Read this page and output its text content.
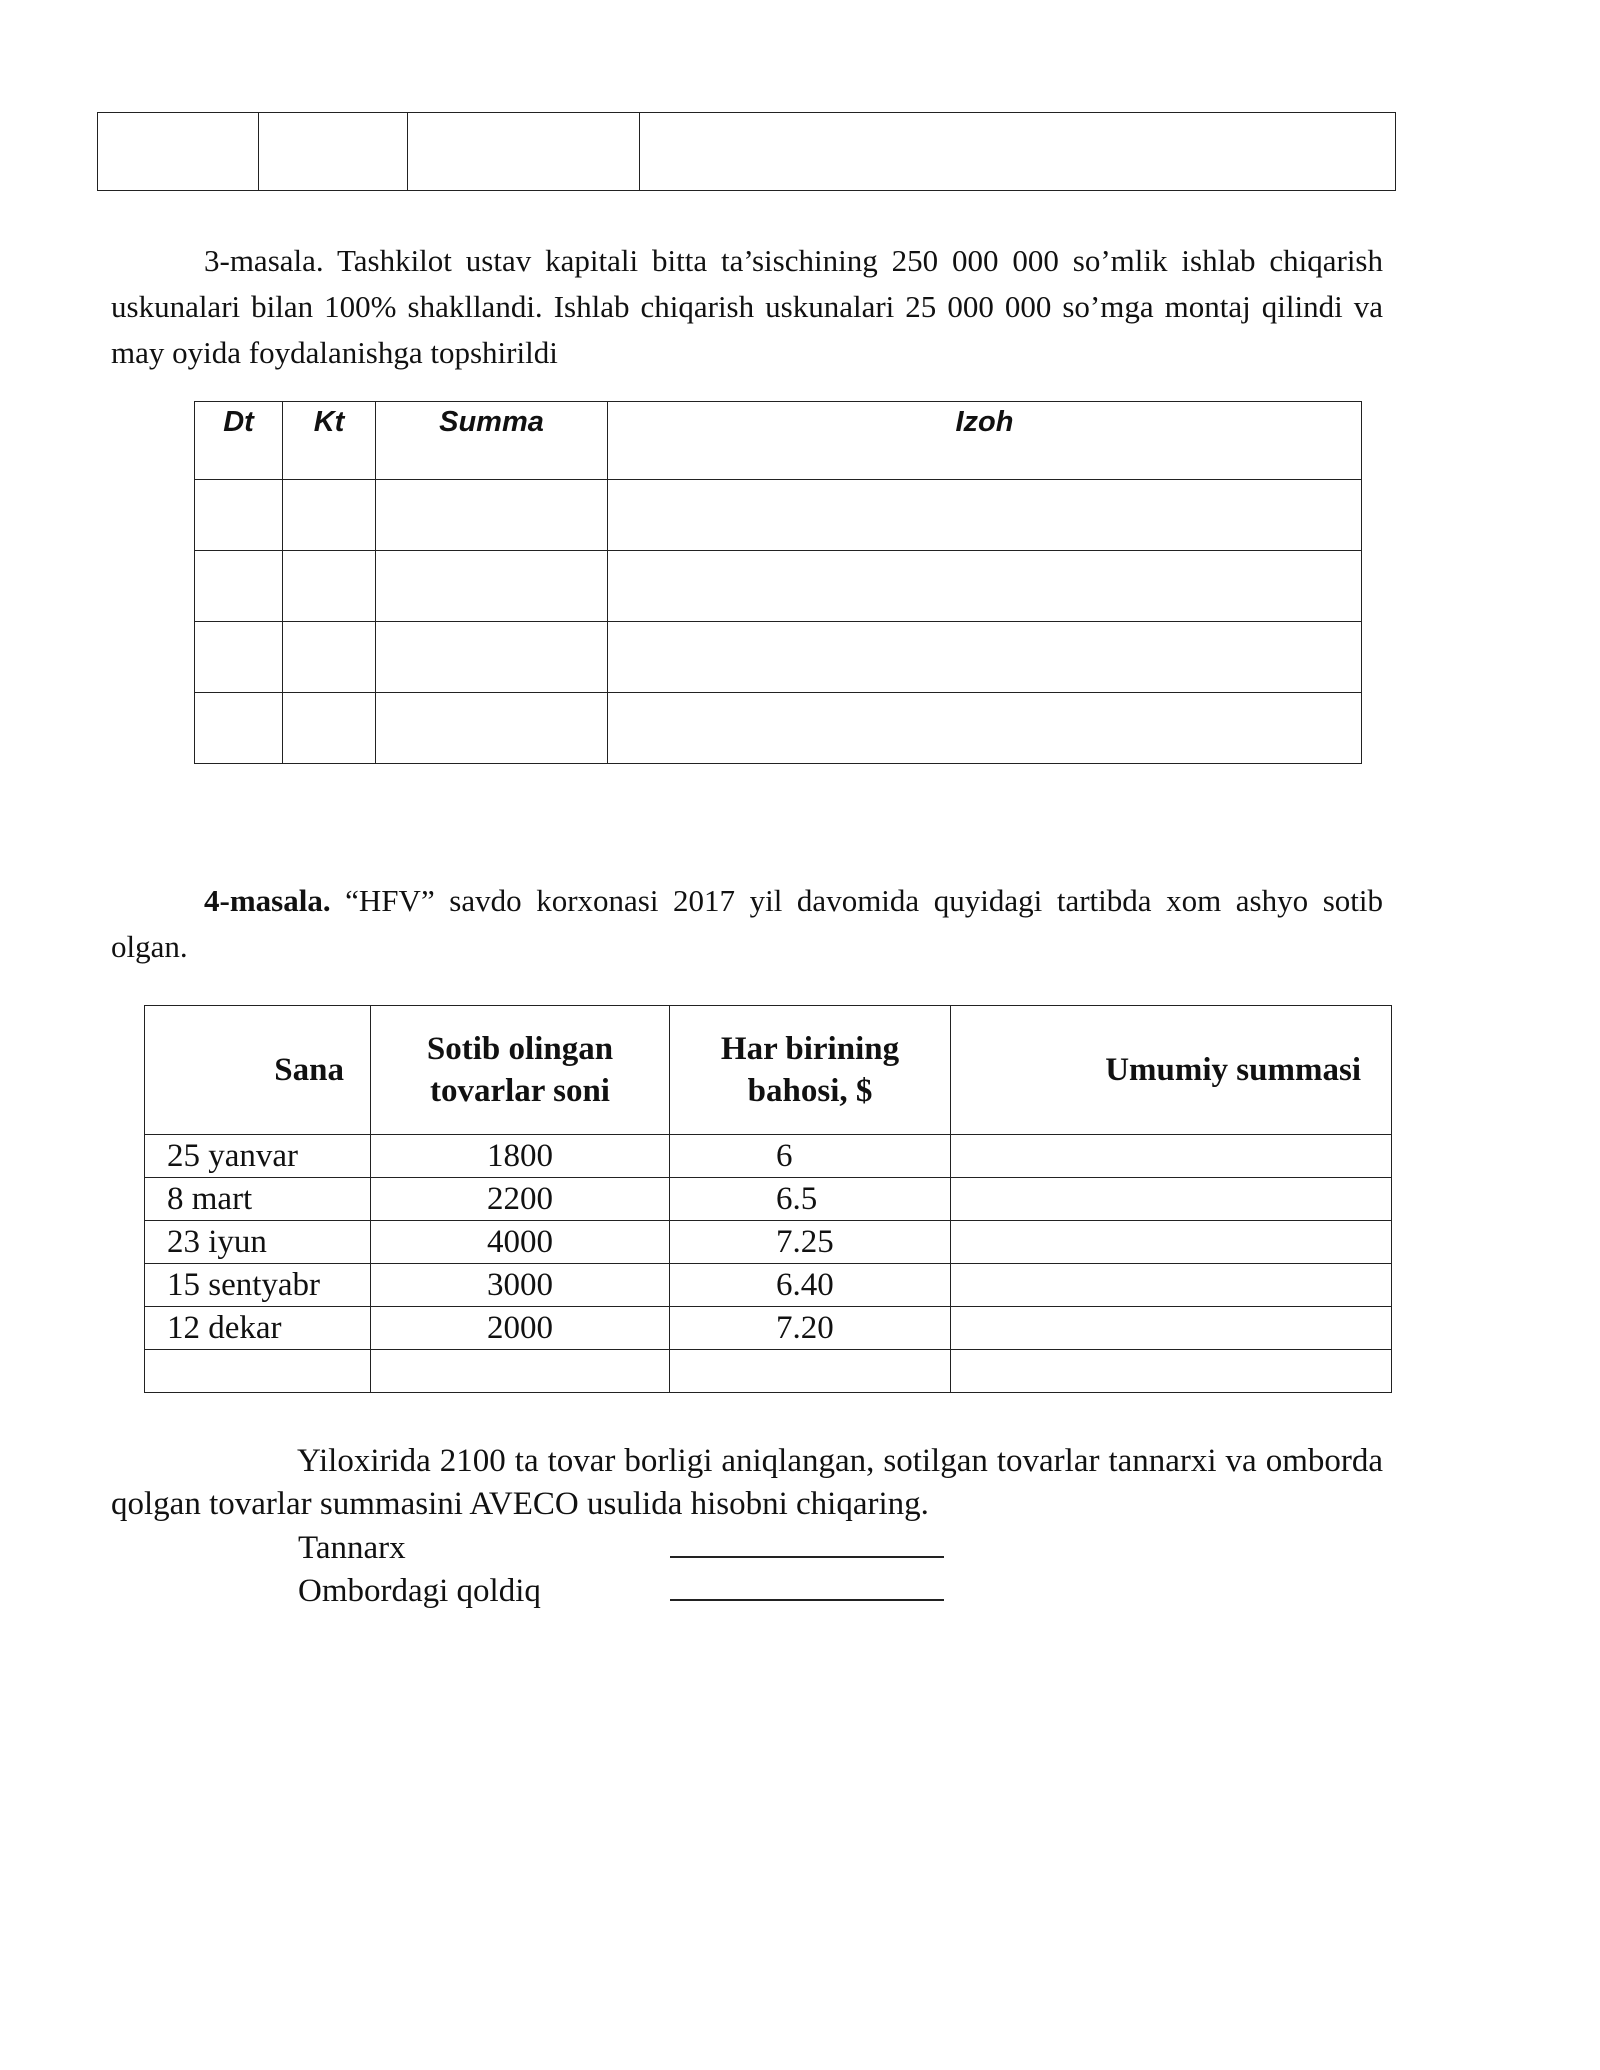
3-masala. Tashkilot ustav kapitali bitta ta’sischining 250 000 000 so’mlik ishlab chiqarish uskunalari bilan 100% shakllandi. Ishlab chiqarish uskunalari 25 000 000 so’mga montaj qilindi va may oyida foydalanishga topshirildi

Dt	Kt	Summa	Izoh

4-masala. “HFV” savdo korxonasi 2017 yil davomida quyidagi tartibda xom ashyo sotib olgan.

Sana	Sotib olingan tovarlar soni	Har birining bahosi, $	Umumiy summasi
25 yanvar	1800	6	
8 mart	2200	6.5	
23 iyun	4000	7.25	
15 sentyabr	3000	6.40	
12 dekar	2000	7.20	

Yiloxirida 2100 ta tovar borligi aniqlangan, sotilgan tovarlar tannarxi va omborda qolgan tovarlar summasini AVECO usulida hisobni chiqaring.

Tannarx
Ombordagi qoldiq
